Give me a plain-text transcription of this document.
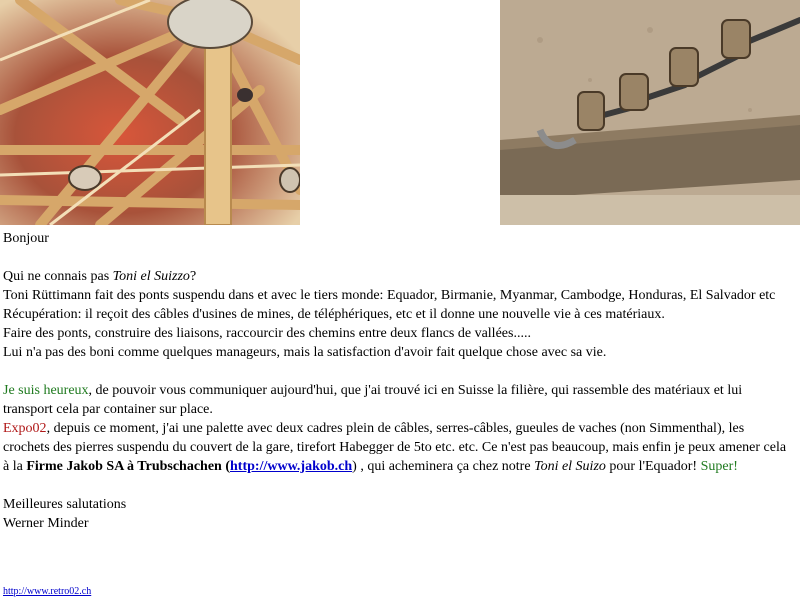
Bonjour

Qui ne connais pas Toni el Suizzo?

Toni Rüttimann fait des ponts suspendu dans et avec le tiers monde: Equador, Birmanie, Myanmar, Cambodge, Honduras, El Salvador etc

Récupération: il reçoit des câbles d'usines de mines, de téléphériques, etc et il donne une nouvelle vie à ces matériaux.

Faire des ponts, construire des liaisons, raccourcir des chemins entre deux flancs de vallées.....

Lui n'a pas des boni comme quelques manageurs, mais la satisfaction d'avoir fait quelque chose avec sa vie.

Je suis heureux, de pouvoir vous communiquer aujourd'hui, que j'ai trouvé ici en Suisse la filière, qui rassemble des matériaux et lui transport cela par container sur place.

Expo02, depuis ce moment, j'ai une palette avec deux cadres plein de câbles, serres-câbles, gueules de vaches (non Simmenthal), les crochets des pierres suspendu du couvert de la gare, tirefort Habegger de 5to etc. etc. Ce n'est pas beaucoup, mais enfin je peux amener cela à la Firme Jakob SA à Trubschachen (http://www.jakob.ch) , qui acheminera ça chez notre Toni el Suizo pour l'Equador! Super!

Meilleures salutations

Werner Minder

http://www.retro02.ch
